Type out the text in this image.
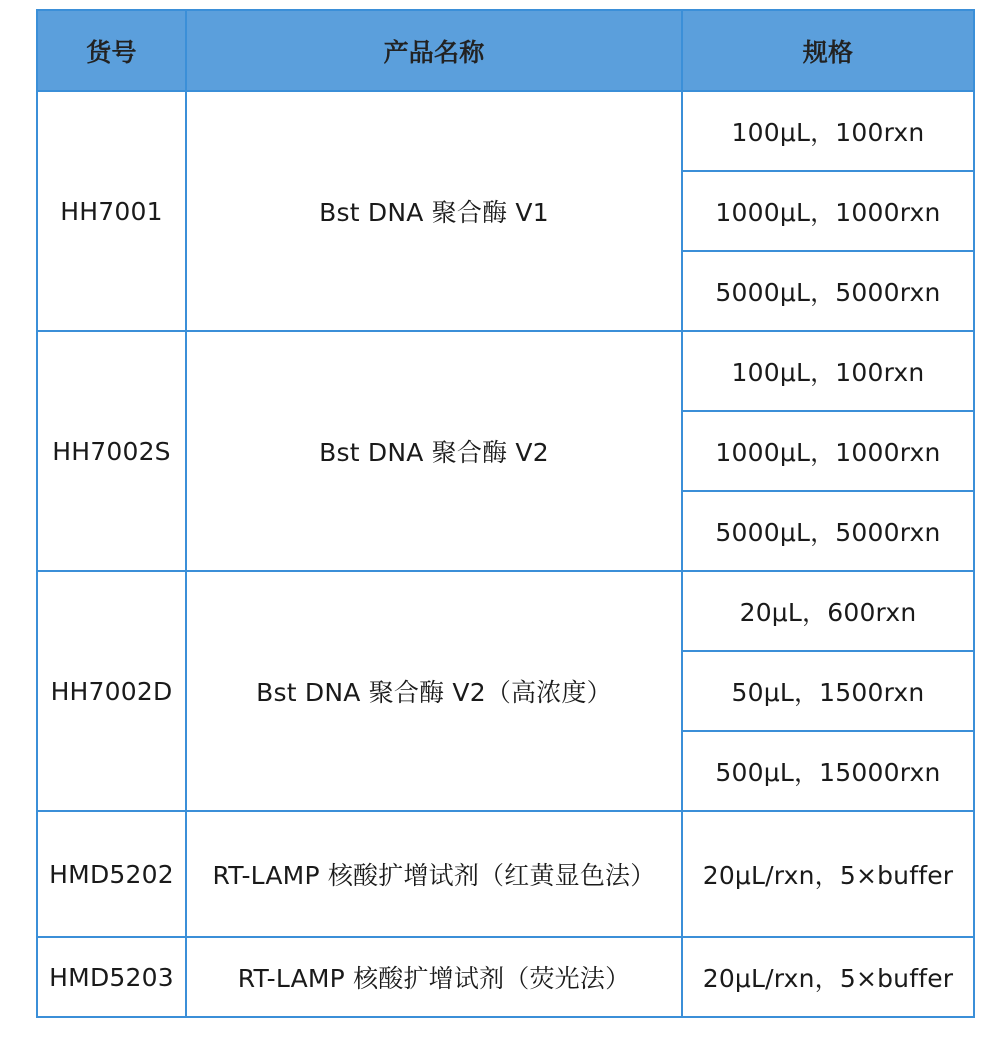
货号	产品名称	规格
HH7001	Bst DNA 聚合酶 V1	100μL，100rxn
		1000μL，1000rxn
		5000μL，5000rxn
HH7002S	Bst DNA 聚合酶 V2	100μL，100rxn
		1000μL，1000rxn
		5000μL，5000rxn
HH7002D	Bst DNA 聚合酶 V2（高浓度）	20μL，600rxn
		50μL，1500rxn
		500μL，15000rxn
HMD5202	RT-LAMP 核酸扩增试剂（红黄显色法）	20μL/rxn，5×buffer
HMD5203	RT-LAMP 核酸扩增试剂（荧光法）	20μL/rxn，5×buffer
